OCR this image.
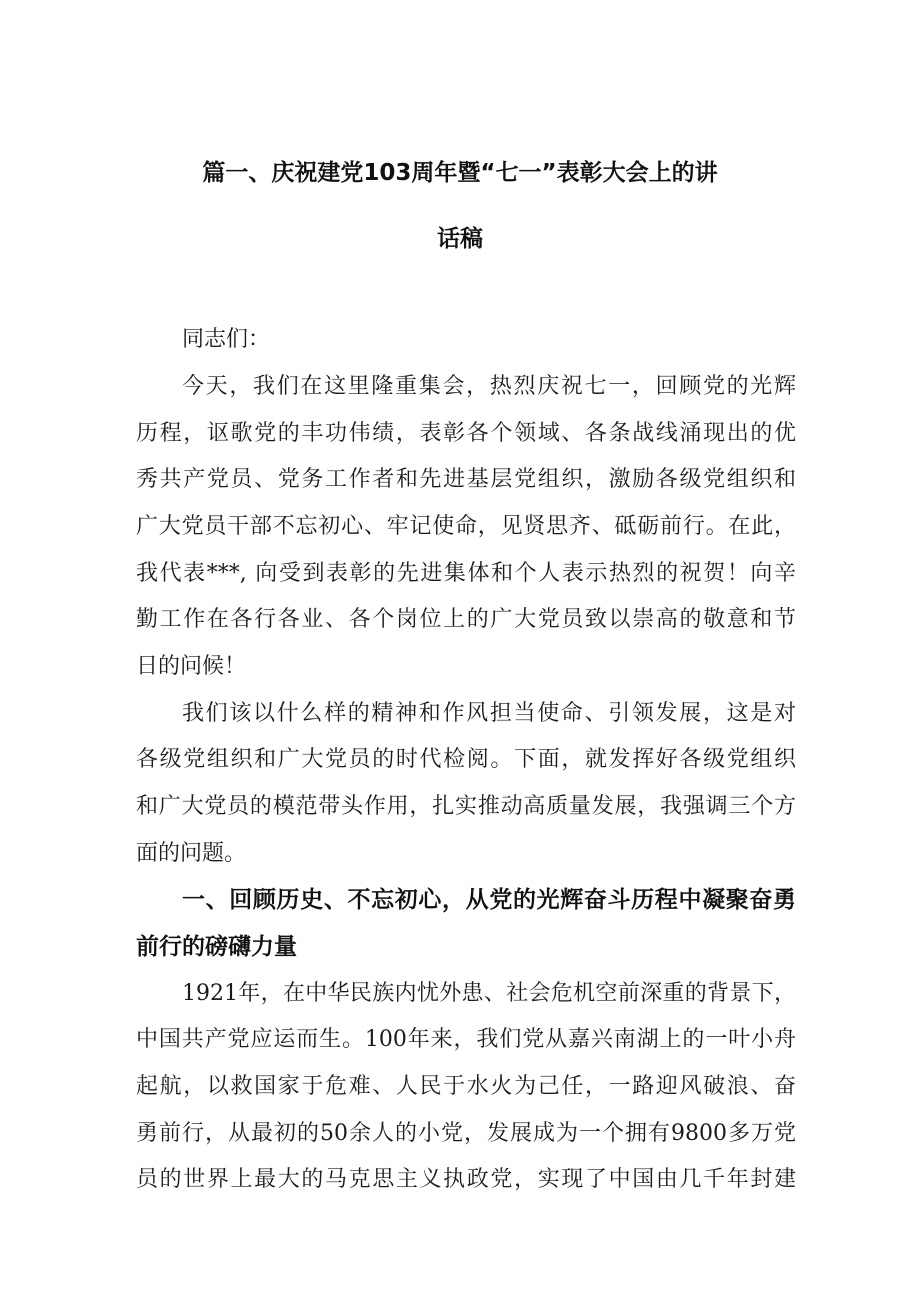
篇一、庆祝建党103周年暨“七一”表彰大会上的讲
话稿
同志们：
今天，我们在这里隆重集会，热烈庆祝七一，回顾党的光辉
历程，讴歌党的丰功伟绩，表彰各个领域、各条战线涌现出的优
秀共产党员、党务工作者和先进基层党组织，激励各级党组织和
广大党员干部不忘初心、牢记使命，见贤思齐、砥砺前行。在此，
我代表***, 向受到表彰的先进集体和个人表示热烈的祝贺！向辛
勤工作在各行各业、各个岗位上的广大党员致以崇高的敬意和节
日的问候！
我们该以什么样的精神和作风担当使命、引领发展，这是对
各级党组织和广大党员的时代检阅。下面，就发挥好各级党组织
和广大党员的模范带头作用，扎实推动高质量发展，我强调三个方
面的问题。
一、回顾历史、不忘初心，从党的光辉奋斗历程中凝聚奋勇
前行的磅礴力量
1921年，在中华民族内忧外患、社会危机空前深重的背景下，
中国共产党应运而生。100年来，我们党从嘉兴南湖上的一叶小舟
起航，以救国家于危难、人民于水火为己任，一路迎风破浪、奋
勇前行，从最初的50余人的小党，发展成为一个拥有9800多万党
员的世界上最大的马克思主义执政党，实现了中国由几千年封建
